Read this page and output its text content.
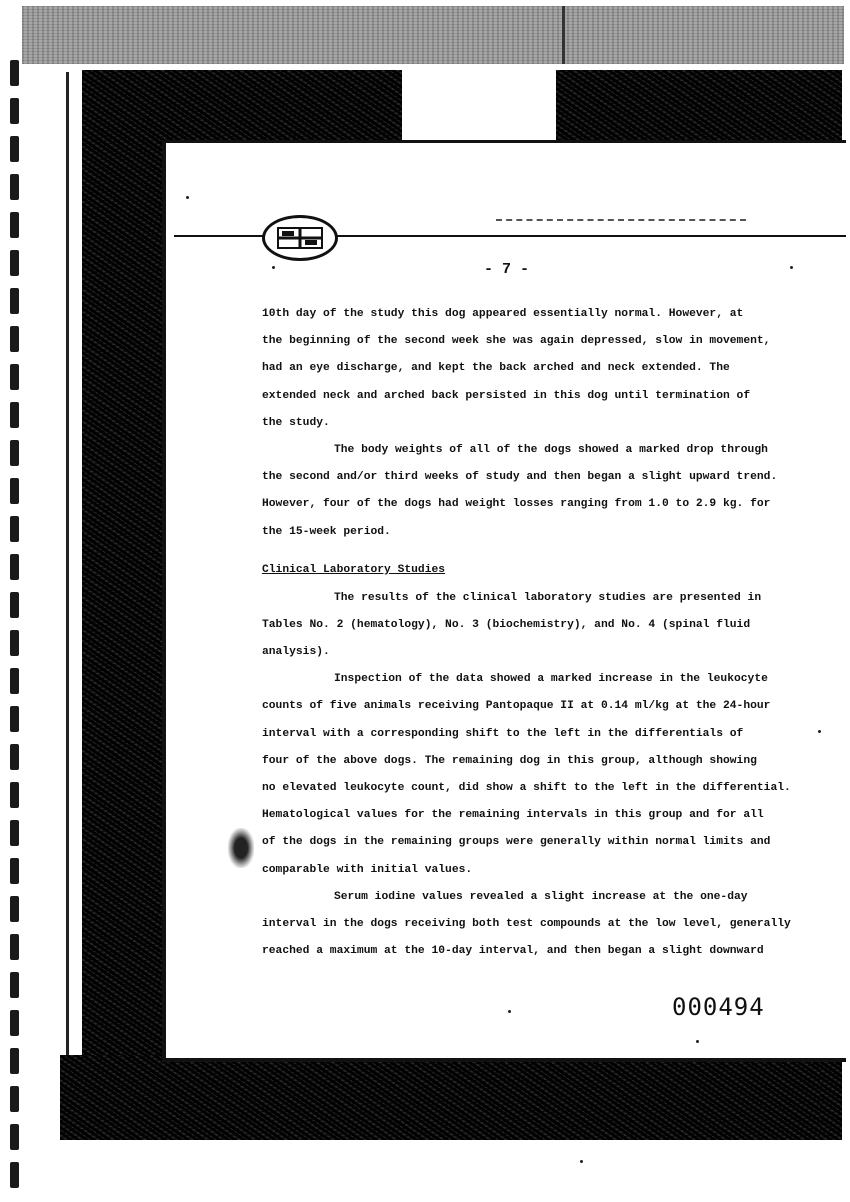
- 7 -
10th day of the study this dog appeared essentially normal. However, at
the beginning of the second week she was again depressed, slow in movement,
had an eye discharge, and kept the back arched and neck extended. The
extended neck and arched back persisted in this dog until termination of
the study.
The body weights of all of the dogs showed a marked drop through
the second and/or third weeks of study and then began a slight upward trend.
However, four of the dogs had weight losses ranging from 1.0 to 2.9 kg. for
the 15-week period.
Clinical Laboratory Studies
The results of the clinical laboratory studies are presented in
Tables No. 2 (hematology), No. 3 (biochemistry), and No. 4 (spinal fluid
analysis).
Inspection of the data showed a marked increase in the leukocyte
counts of five animals receiving Pantopaque II at 0.14 ml/kg at the 24-hour
interval with a corresponding shift to the left in the differentials of
four of the above dogs. The remaining dog in this group, although showing
no elevated leukocyte count, did show a shift to the left in the differential.
Hematological values for the remaining intervals in this group and for all
of the dogs in the remaining groups were generally within normal limits and
comparable with initial values.
Serum iodine values revealed a slight increase at the one-day
interval in the dogs receiving both test compounds at the low level, generally
reached a maximum at the 10-day interval, and then began a slight downward
000494
